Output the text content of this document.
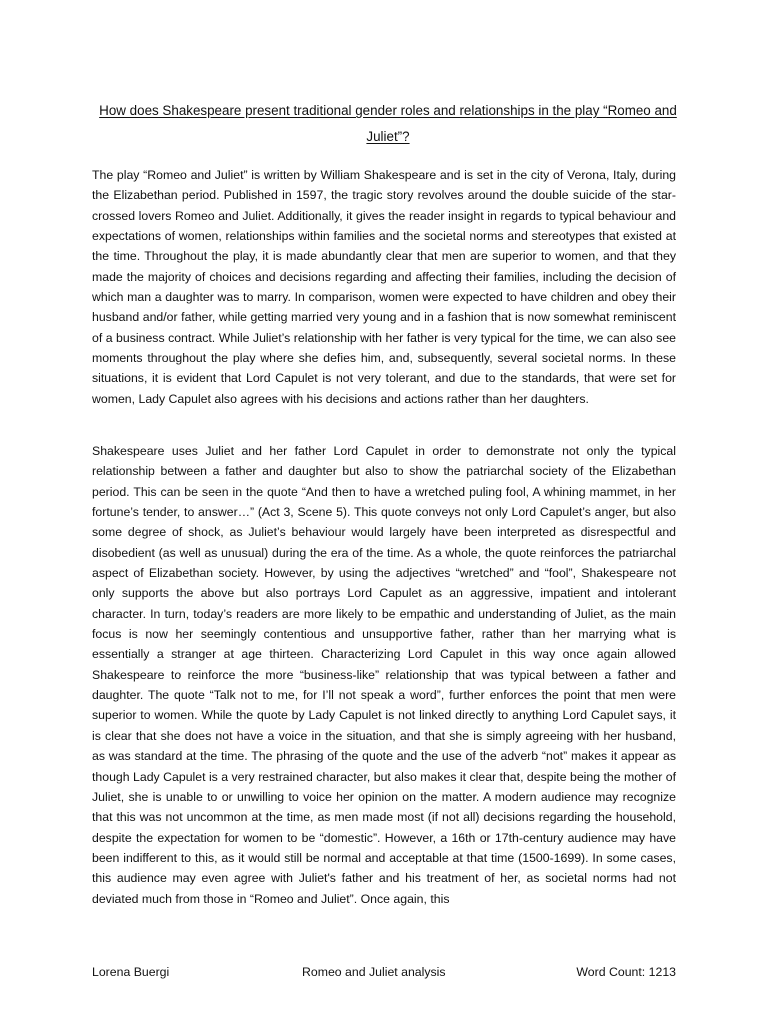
How does Shakespeare present traditional gender roles and relationships in the play “Romeo and Juliet”?

The play “Romeo and Juliet” is written by William Shakespeare and is set in the city of Verona, Italy, during the Elizabethan period. Published in 1597, the tragic story revolves around the double suicide of the star-crossed lovers Romeo and Juliet. Additionally, it gives the reader insight in regards to typical behaviour and expectations of women, relationships within families and the societal norms and stereotypes that existed at the time. Throughout the play, it is made abundantly clear that men are superior to women, and that they made the majority of choices and decisions regarding and affecting their families, including the decision of which man a daughter was to marry. In comparison, women were expected to have children and obey their husband and/or father, while getting married very young and in a fashion that is now somewhat reminiscent of a business contract. While Juliet’s relationship with her father is very typical for the time, we can also see moments throughout the play where she defies him, and, subsequently, several societal norms. In these situations, it is evident that Lord Capulet is not very tolerant, and due to the standards, that were set for women, Lady Capulet also agrees with his decisions and actions rather than her daughters.

Shakespeare uses Juliet and her father Lord Capulet in order to demonstrate not only the typical relationship between a father and daughter but also to show the patriarchal society of the Elizabethan period. This can be seen in the quote “And then to have a wretched puling fool, A whining mammet, in her fortune’s tender, to answer…” (Act 3, Scene 5). This quote conveys not only Lord Capulet’s anger, but also some degree of shock, as Juliet’s behaviour would largely have been interpreted as disrespectful and disobedient (as well as unusual) during the era of the time. As a whole, the quote reinforces the patriarchal aspect of Elizabethan society. However, by using the adjectives “wretched” and “fool”, Shakespeare not only supports the above but also portrays Lord Capulet as an aggressive, impatient and intolerant character. In turn, today’s readers are more likely to be empathic and understanding of Juliet, as the main focus is now her seemingly contentious and unsupportive father, rather than her marrying what is essentially a stranger at age thirteen. Characterizing Lord Capulet in this way once again allowed Shakespeare to reinforce the more “business-like” relationship that was typical between a father and daughter. The quote “Talk not to me, for I’ll not speak a word”, further enforces the point that men were superior to women. While the quote by Lady Capulet is not linked directly to anything Lord Capulet says, it is clear that she does not have a voice in the situation, and that she is simply agreeing with her husband, as was standard at the time. The phrasing of the quote and the use of the adverb “not” makes it appear as though Lady Capulet is a very restrained character, but also makes it clear that, despite being the mother of Juliet, she is unable to or unwilling to voice her opinion on the matter. A modern audience may recognize that this was not uncommon at the time, as men made most (if not all) decisions regarding the household, despite the expectation for women to be “domestic”. However, a 16th or 17th-century audience may have been indifferent to this, as it would still be normal and acceptable at that time (1500-1699). In some cases, this audience may even agree with Juliet's father and his treatment of her, as societal norms had not deviated much from those in “Romeo and Juliet”. Once again, this

Lorena Buergi	Romeo and Juliet analysis	Word Count: 1213
